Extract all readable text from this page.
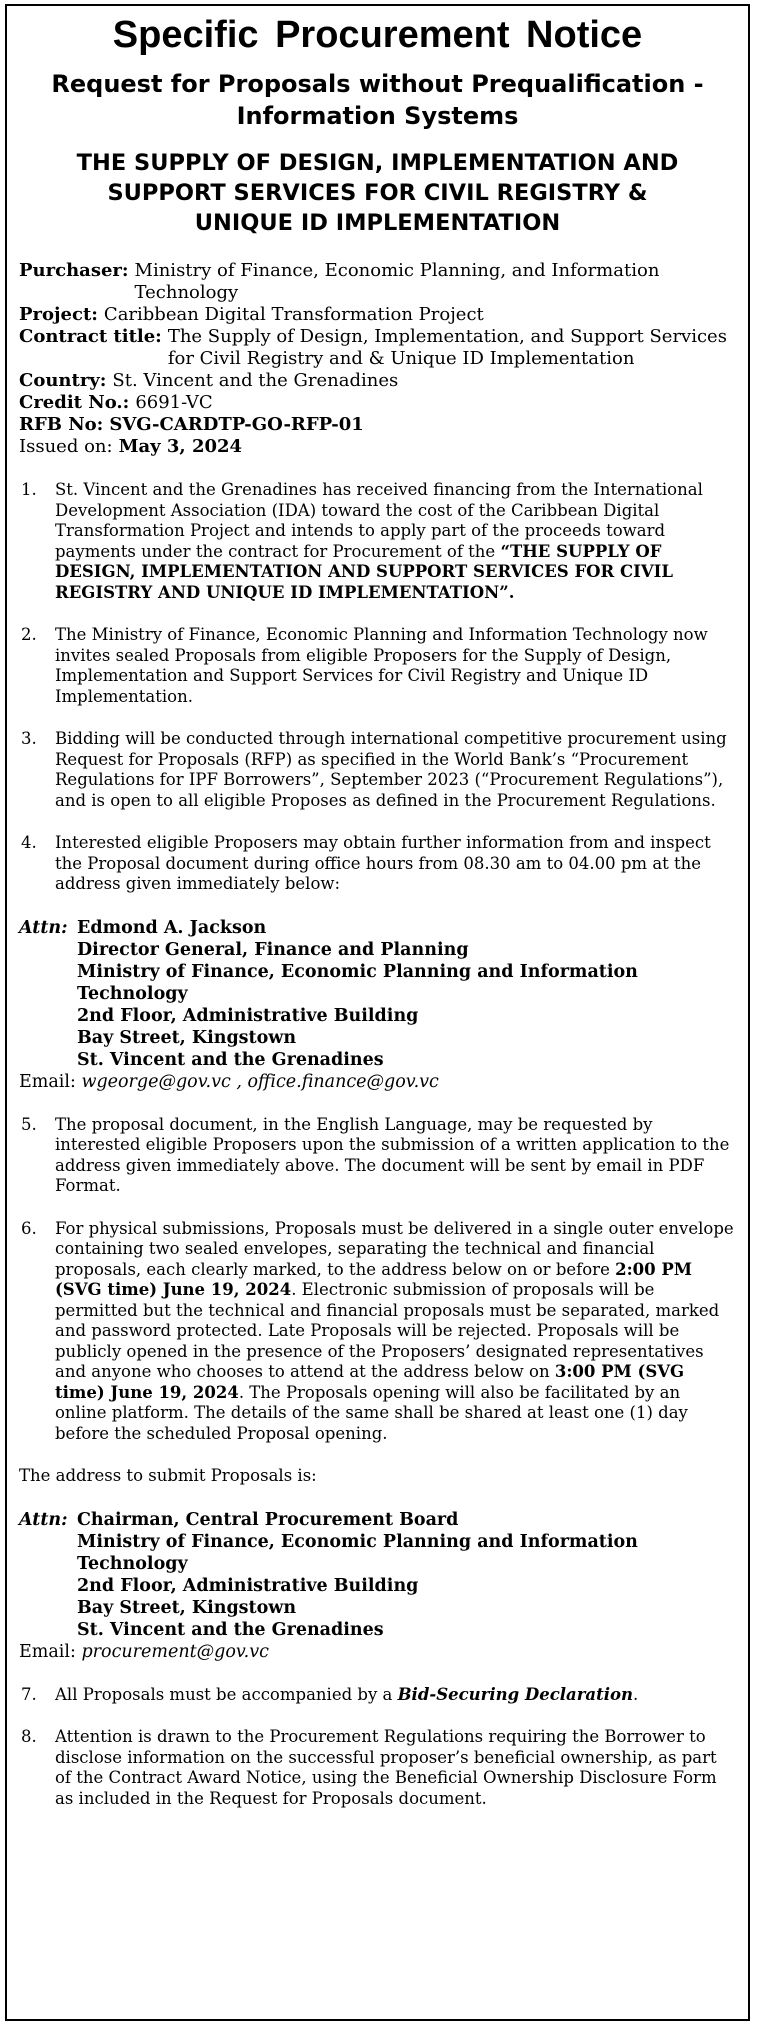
Specific Procurement Notice
Request for Proposals without Prequalification -
Information Systems
THE SUPPLY OF DESIGN, IMPLEMENTATION AND
SUPPORT SERVICES FOR CIVIL REGISTRY &
UNIQUE ID IMPLEMENTATION
Purchaser: Ministry of Finance, Economic Planning, and Information Technology
Project: Caribbean Digital Transformation Project
Contract title: The Supply of Design, Implementation, and Support Services for Civil Registry and & Unique ID Implementation
Country: St. Vincent and the Grenadines
Credit No.: 6691-VC
RFB No: SVG-CARDTP-GO-RFP-01
Issued on: May 3, 2024
1.	St. Vincent and the Grenadines has received financing from the International Development Association (IDA) toward the cost of the Caribbean Digital Transformation Project and intends to apply part of the proceeds toward payments under the contract for Procurement of the “THE SUPPLY OF DESIGN, IMPLEMENTATION AND SUPPORT SERVICES FOR CIVIL REGISTRY AND UNIQUE ID IMPLEMENTATION”.
2.	The Ministry of Finance, Economic Planning and Information Technology now invites sealed Proposals from eligible Proposers for the Supply of Design, Implementation and Support Services for Civil Registry and Unique ID Implementation.
3.	Bidding will be conducted through international competitive procurement using Request for Proposals (RFP) as specified in the World Bank’s “Procurement Regulations for IPF Borrowers”, September 2023 (“Procurement Regulations”), and is open to all eligible Proposes as defined in the Procurement Regulations.
4.	Interested eligible Proposers may obtain further information from and inspect the Proposal document during office hours from 08.30 am to 04.00 pm at the address given immediately below:
Attn: Edmond A. Jackson
Director General, Finance and Planning
Ministry of Finance, Economic Planning and Information Technology
2nd Floor, Administrative Building
Bay Street, Kingstown
St. Vincent and the Grenadines
Email: wgeorge@gov.vc , office.finance@gov.vc
5.	The proposal document, in the English Language, may be requested by interested eligible Proposers upon the submission of a written application to the address given immediately above. The document will be sent by email in PDF Format.
6.	For physical submissions, Proposals must be delivered in a single outer envelope containing two sealed envelopes, separating the technical and financial proposals, each clearly marked, to the address below on or before 2:00 PM (SVG time) June 19, 2024. Electronic submission of proposals will be permitted but the technical and financial proposals must be separated, marked and password protected. Late Proposals will be rejected. Proposals will be publicly opened in the presence of the Proposers’ designated representatives and anyone who chooses to attend at the address below on 3:00 PM (SVG time) June 19, 2024. The Proposals opening will also be facilitated by an online platform. The details of the same shall be shared at least one (1) day before the scheduled Proposal opening.
The address to submit Proposals is:
Attn: Chairman, Central Procurement Board
Ministry of Finance, Economic Planning and Information Technology
2nd Floor, Administrative Building
Bay Street, Kingstown
St. Vincent and the Grenadines
Email: procurement@gov.vc
7.	All Proposals must be accompanied by a Bid-Securing Declaration.
8.	Attention is drawn to the Procurement Regulations requiring the Borrower to disclose information on the successful proposer’s beneficial ownership, as part of the Contract Award Notice, using the Beneficial Ownership Disclosure Form as included in the Request for Proposals document.
